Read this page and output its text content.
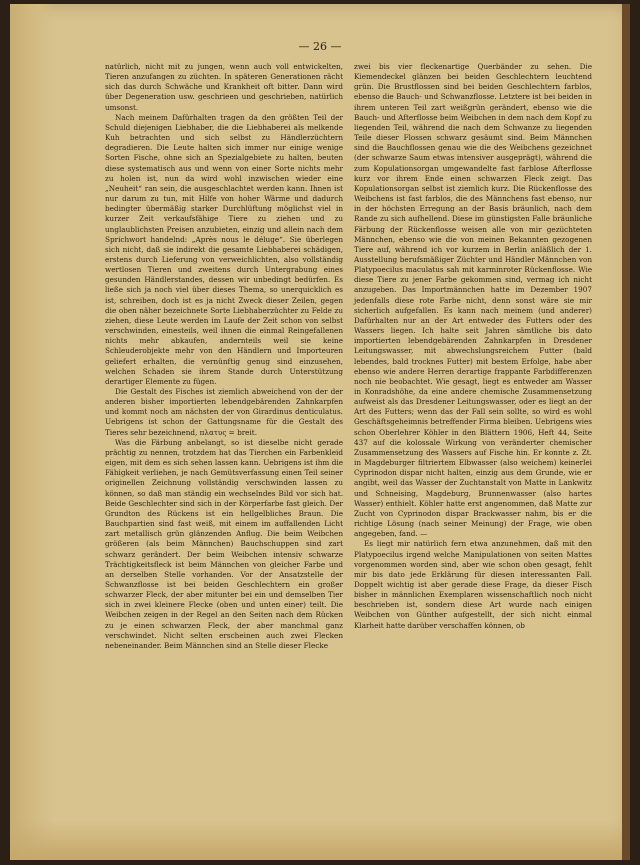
— 26 —

natürlich, nicht mit zu jungen, wenn auch voll entwickelten, Tieren anzufangen zu züchten. In späteren Generationen rächt sich das durch Schwäche und Krankheit oft bitter. Dann wird über Degeneration usw. geschrieen und geschrieben, natürlich umsonst.

Nach meinem Dafürhalten tragen da den größten Teil der Schuld diejenigen Liebhaber, die die Liebhaberei als melkende Kuh betrachten und sich selbst zu Händlerzüchtern degradieren. Die Leute halten sich immer nur einige wenige Sorten Fische, ohne sich an Spezialgebiete zu halten, beuten diese systematisch aus und wenn von einer Sorte nichts mehr zu holen ist, nun da wird wohl inzwischen wieder eine „Neuheit“ ran sein, die ausgeschlachtet werden kann. Ihnen ist nur darum zu tun, mit Hilfe von hoher Wärme und dadurch bedingter übermäßig starker Durchlüftung möglichst viel in kurzer Zeit verkaufsfähige Tiere zu ziehen und zu unglaublichsten Preisen anzubieten, einzig und allein nach dem Sprichwort handelnd: „Après nous le déluge“. Sie überlegen sich nicht, daß sie indirekt die gesamte Liebhaberei schädigen, erstens durch Lieferung von verweichlichten, also vollständig wertlosen Tieren und zweitens durch Untergrabung eines gesunden Händlerstandes, dessen wir unbedingt bedürfen. Es ließe sich ja noch viel über dieses Thema, so unerquicklich es ist, schreiben, doch ist es ja nicht Zweck dieser Zeilen, gegen die oben näher bezeichnete Sorte Liebhaberzüchter zu Felde zu ziehen, diese Leute werden im Laufe der Zeit schon von selbst verschwinden, einesteils, weil ihnen die einmal Reingefallenen nichts mehr abkaufen, andernteils weil sie keine Schleuderobjekte mehr von den Händlern und Importeuren geliefert erhalten, die vernünftig genug sind einzusehen, welchen Schaden sie ihrem Stande durch Unterstützung derartiger Elemente zu fügen.

Die Gestalt des Fisches ist ziemlich abweichend von der der anderen bisher importierten lebendgebärenden Zahnkarpfen und kommt noch am nächsten der von Girardinus denticulatus. Uebrigens ist schon der Gattungsname für die Gestalt des Tieres sehr bezeichnend, πλατυς = breit.

Was die Färbung anbelangt, so ist dieselbe nicht gerade prächtig zu nennen, trotzdem hat das Tierchen ein Farbenkleid eigen, mit dem es sich sehen lassen kann. Uebrigens ist ihm die Fähigkeit verliehen, je nach Gemütsverfassung einen Teil seiner originellen Zeichnung vollständig verschwinden lassen zu können, so daß man ständig ein wechselndes Bild vor sich hat. Beide Geschlechter sind sich in der Körperfarbe fast gleich. Der Grundton des Rückens ist ein hellgelbliches Braun. Die Bauchpartien sind fast weiß, mit einem im auffallenden Licht zart metallisch grün glänzenden Anflug. Die beim Weibchen größeren (als beim Männchen) Bauchschuppen sind zart schwarz gerändert. Der beim Weibchen intensiv schwarze Trächtigkeitsfleck ist beim Männchen von gleicher Farbe und an derselben Stelle vorhanden. Vor der Ansatzstelle der Schwanzflosse ist bei beiden Geschlechtern ein großer schwarzer Fleck, der aber mitunter bei ein und demselben Tier sich in zwei kleinere Flecke (oben und unten einer) teilt. Die Weibchen zeigen in der Regel an den Seiten nach dem Rücken zu je einen schwarzen Fleck, der aber manchmal ganz verschwindet. Nicht selten erscheinen auch zwei Flecken nebeneinander. Beim Männchen sind an Stelle dieser Flecke

zwei bis vier fleckenartige Querbänder zu sehen. Die Kiemendeckel glänzen bei beiden Geschlechtern leuchtend grün. Die Brustflossen sind bei beiden Geschlechtern farblos, ebenso die Bauch- und Schwanzflosse. Letztere ist bei beiden in ihrem unteren Teil zart weißgrün gerändert, ebenso wie die Bauch- und Afterflosse beim Weibchen in dem nach dem Kopf zu liegenden Teil, während die nach dem Schwanze zu liegenden Teile dieser Flossen schwarz gesäumt sind. Beim Männchen sind die Bauchflossen genau wie die des Weibchens gezeichnet (der schwarze Saum etwas intensiver ausgeprägt), während die zum Kopulationsorgan umgewandelte fast farblose Afterflosse kurz vor ihrem Ende einen schwarzen Fleck zeigt. Das Kopulationsorgan selbst ist ziemlich kurz. Die Rückenflosse des Weibchens ist fast farblos, die des Männchens fast ebenso, nur in der höchsten Erregung an der Basis bräunlich, nach dem Rande zu sich aufhellend. Diese im günstigsten Falle bräunliche Färbung der Rückenflosse weisen alle von mir gezüchteten Männchen, ebenso wie die von meinen Bekannten gezogenen Tiere auf, während ich vor kurzem in Berlin anläßlich der 1. Ausstellung berufsmäßiger Züchter und Händler Männchen von Platypoecilus maculatus sah mit karminroter Rückenflosse. Wie diese Tiere zu jener Farbe gekommen sind, vermag ich nicht anzugeben. Das Importmännchen hatte im Dezember 1907 jedenfalls diese rote Farbe nicht, denn sonst wäre sie mir sicherlich aufgefallen. Es kann nach meinem (und anderer) Dafürhalten nur an der Art entweder des Futters oder des Wassers liegen. Ich halte seit Jahren sämtliche bis dato importierten lebendgebärenden Zahnkarpfen in Dresdener Leitungswasser, mit abwechslungsreichem Futter (bald lebendes, bald trocknes Futter) mit bestem Erfolge, habe aber ebenso wie andere Herren derartige frappante Farbdifferenzen noch nie beobachtet. Wie gesagt, liegt es entweder am Wasser in Konradshöhe, da eine andere chemische Zusammensetzung aufweist als das Dresdener Leitungswasser, oder es liegt an der Art des Futters; wenn das der Fall sein sollte, so wird es wohl Geschäftsgeheimnis betreffender Firma bleiben. Uebrigens wies schon Oberlehrer Köhler in den Blättern 1906, Heft 44, Seite 437 auf die kolossale Wirkung von veränderter chemischer Zusammensetzung des Wassers auf Fische hin. Er konnte z. Zt. in Magdeburger filtriertem Elbwasser (also weichem) keinerlei Cyprinodon dispar nicht halten, einzig aus dem Grunde, wie er angibt, weil das Wasser der Zuchtanstalt von Matte in Lankwitz und Schneising, Magdeburg, Brunnenwasser (also hartes Wasser) enthielt. Köhler hatte erst angenommen, daß Matte zur Zucht von Cyprinodon dispar Brackwasser nahm, bis er die richtige Lösung (nach seiner Meinung) der Frage, wie oben angegeben, fand. —

Es liegt mir natürlich fern etwa anzunehmen, daß mit den Platypoecilus irgend welche Manipulationen von seiten Mattes vorgenommen worden sind, aber wie schon oben gesagt, fehlt mir bis dato jede Erklärung für diesen interessanten Fall. Doppelt wichtig ist aber gerade diese Frage, da dieser Fisch bisher in männlichen Exemplaren wissenschaftlich noch nicht beschrieben ist, sondern diese Art wurde nach einigen Weibchen von Günther aufgestellt, der sich nicht einmal Klarheit hatte darüber verschaffen können, ob
